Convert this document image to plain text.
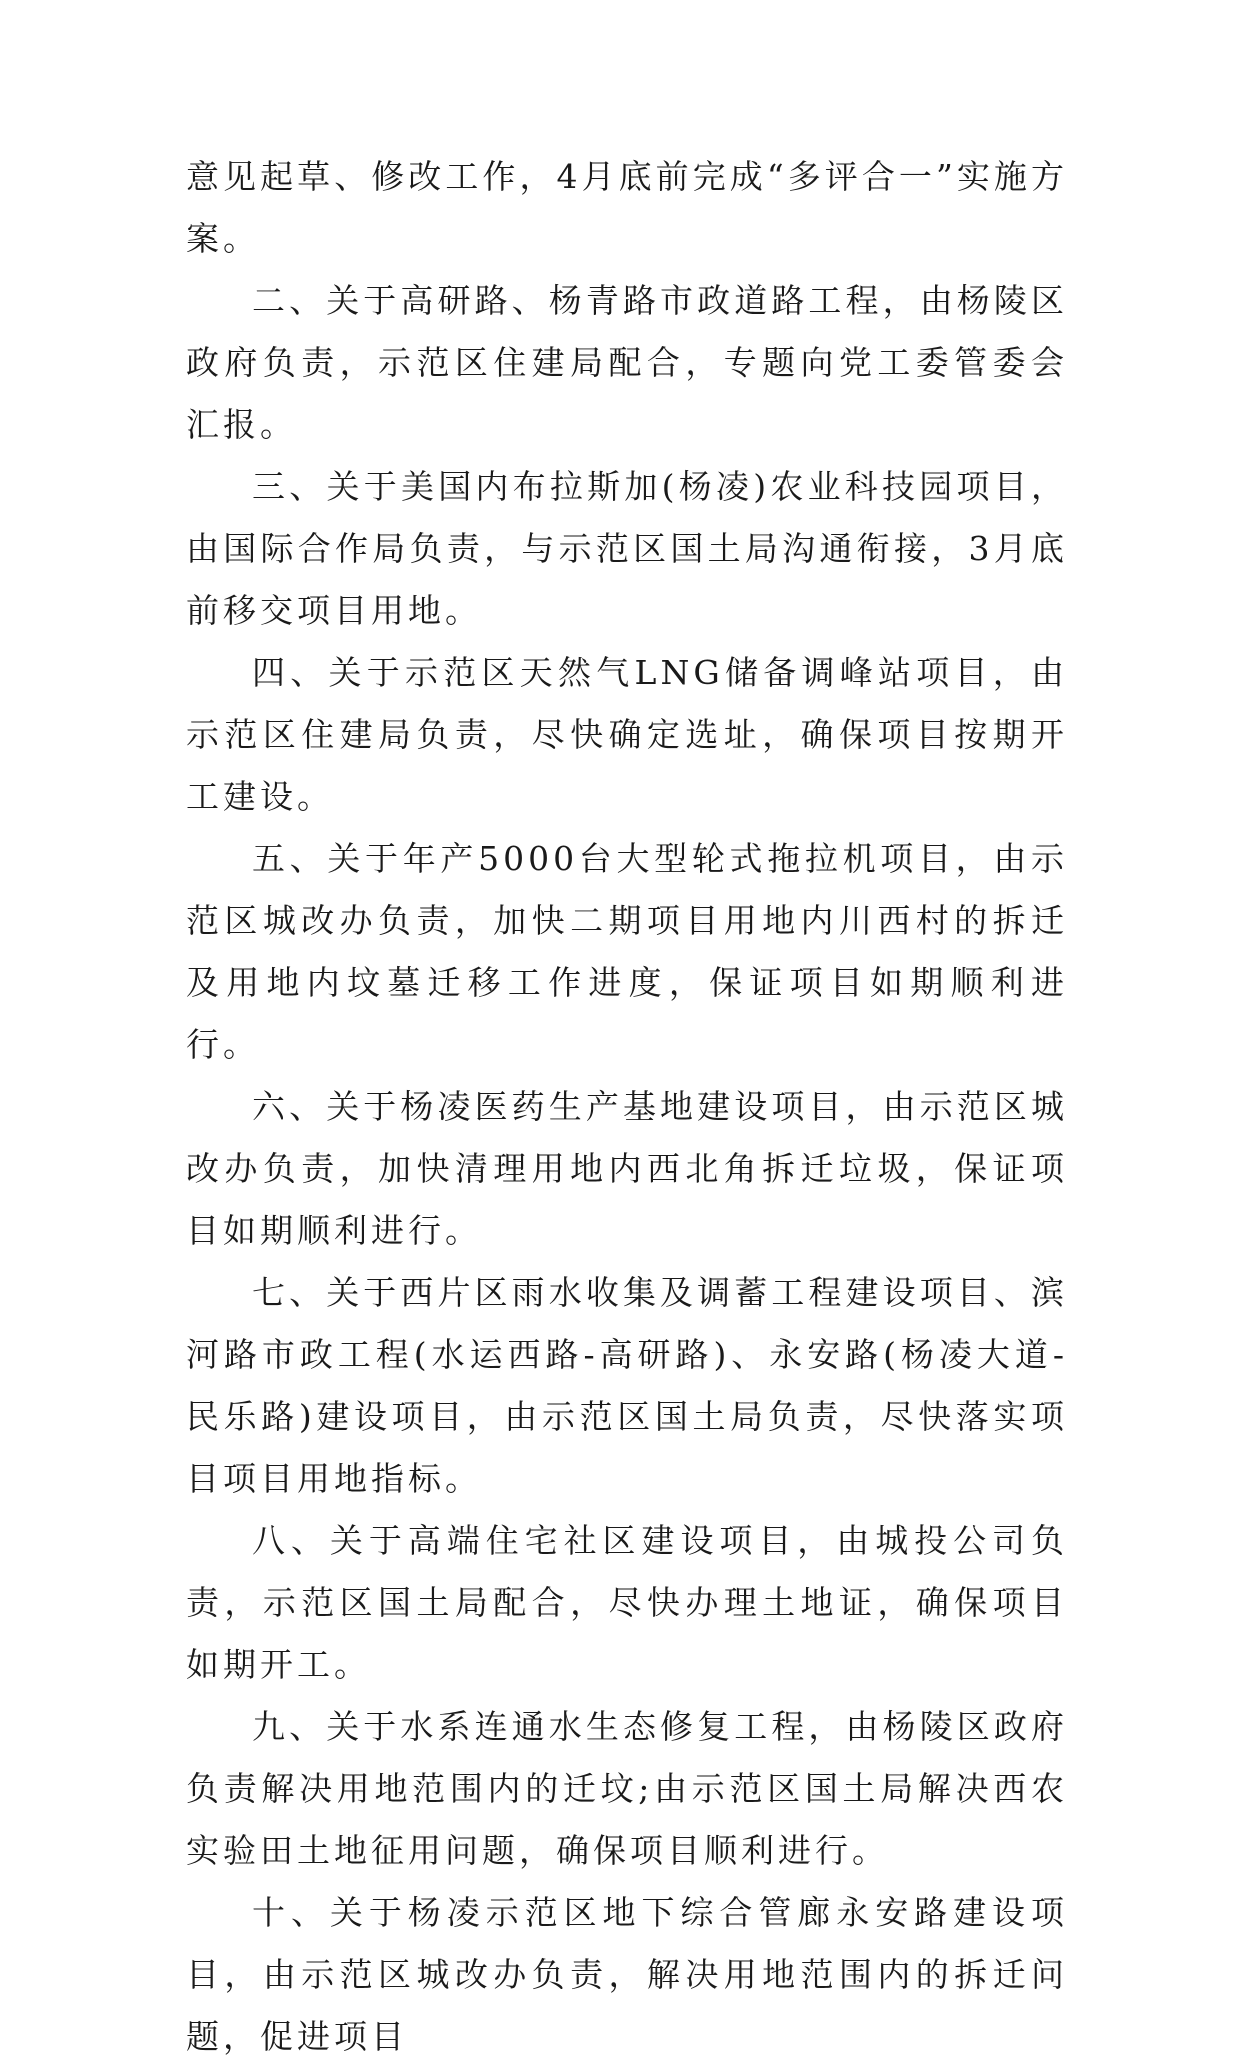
意见起草、修改工作，4月底前完成“多评合一”实施方案。

二、关于高研路、杨青路市政道路工程，由杨陵区政府负责，示范区住建局配合，专题向党工委管委会汇报。

三、关于美国内布拉斯加(杨凌)农业科技园项目，由国际合作局负责，与示范区国土局沟通衔接，3月底前移交项目用地。

四、关于示范区天然气LNG储备调峰站项目，由示范区住建局负责，尽快确定选址，确保项目按期开工建设。

五、关于年产5000台大型轮式拖拉机项目，由示范区城改办负责，加快二期项目用地内川西村的拆迁及用地内坟墓迁移工作进度，保证项目如期顺利进行。

六、关于杨凌医药生产基地建设项目，由示范区城改办负责，加快清理用地内西北角拆迁垃圾，保证项目如期顺利进行。

七、关于西片区雨水收集及调蓄工程建设项目、滨河路市政工程(水运西路-高研路)、永安路(杨凌大道-民乐路)建设项目，由示范区国土局负责，尽快落实项目项目用地指标。

八、关于高端住宅社区建设项目，由城投公司负责，示范区国土局配合，尽快办理土地证，确保项目如期开工。

九、关于水系连通水生态修复工程，由杨陵区政府负责解决用地范围内的迁坟;由示范区国土局解决西农实验田土地征用问题，确保项目顺利进行。

十、关于杨凌示范区地下综合管廊永安路建设项目，由示范区城改办负责，解决用地范围内的拆迁问题，促进项目
